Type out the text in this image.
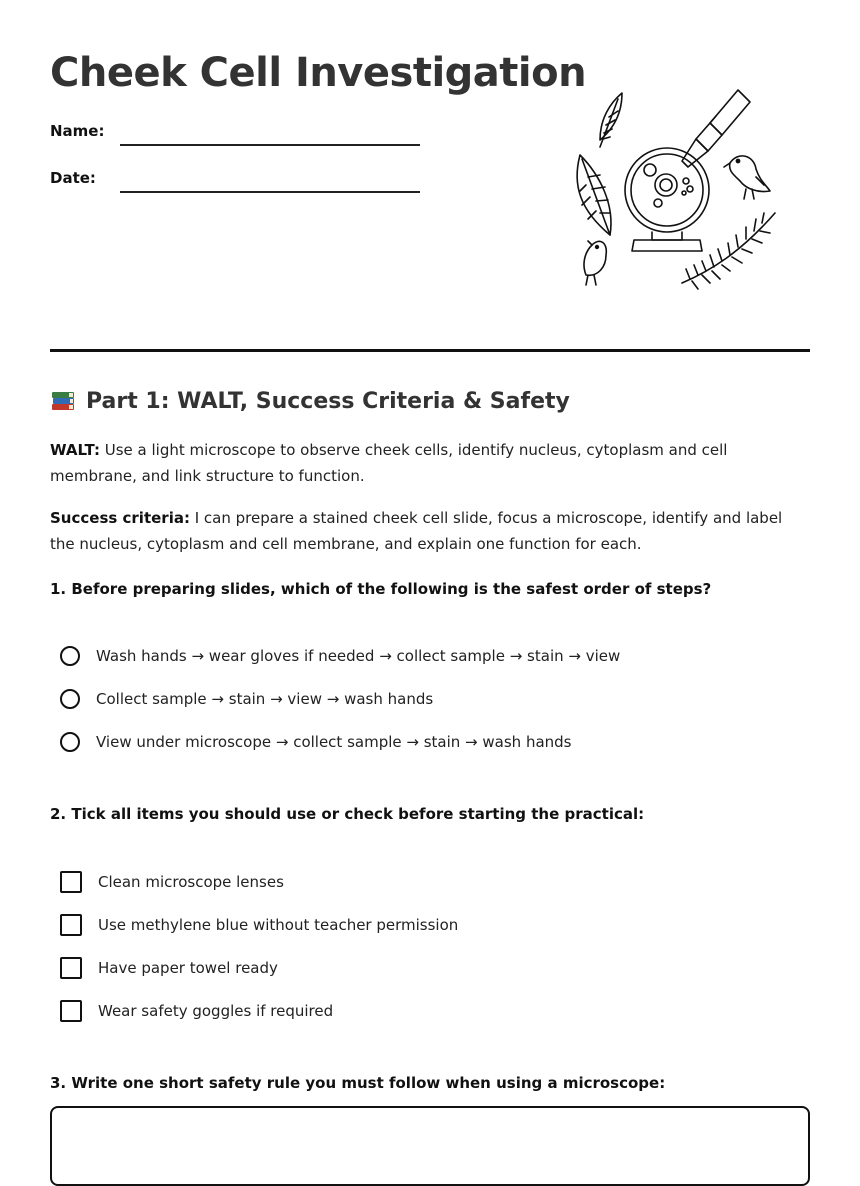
Cheek Cell Investigation
Name:
Date:
Part 1: WALT, Success Criteria & Safety
WALT: Use a light microscope to observe cheek cells, identify nucleus, cytoplasm and cell membrane, and link structure to function.
Success criteria: I can prepare a stained cheek cell slide, focus a microscope, identify and label the nucleus, cytoplasm and cell membrane, and explain one function for each.
1. Before preparing slides, which of the following is the safest order of steps?
Wash hands → wear gloves if needed → collect sample → stain → view
Collect sample → stain → view → wash hands
View under microscope → collect sample → stain → wash hands
2. Tick all items you should use or check before starting the practical:
Clean microscope lenses
Use methylene blue without teacher permission
Have paper towel ready
Wear safety goggles if required
3. Write one short safety rule you must follow when using a microscope:
